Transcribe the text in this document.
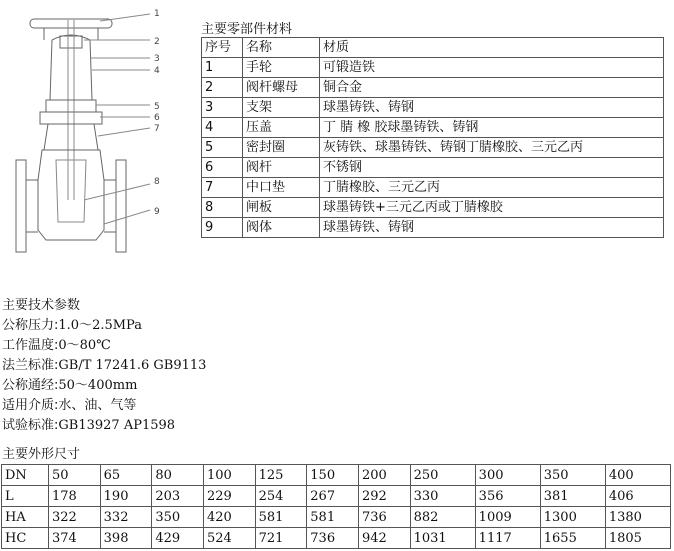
1
2
3
4
5
6
7
8
9
主要零部件材料
序号	名称	材质
1	手轮	可锻造铁
2	阀杆螺母	铜合金
3	支架	球墨铸铁、铸钢
4	压盖	丁 腈 橡 胶球墨铸铁、铸钢
5	密封圈	灰铸铁、球墨铸铁、铸钢丁腈橡胶、三元乙丙
6	阀杆	不锈钢
7	中口垫	丁腈橡胶、三元乙丙
8	闸板	球墨铸铁+三元乙丙或丁腈橡胶
9	阀体	球墨铸铁、铸钢
主要技术参数
公称压力:1.0～2.5MPa
工作温度:0～80℃
法兰标准:GB/T 17241.6 GB9113
公称通经:50～400mm
适用介质:水、油、气等
试验标准:GB13927 AP1598
主要外形尺寸
DN	50	65	80	100	125	150	200	250	300	350	400
L	178	190	203	229	254	267	292	330	356	381	406
HA	322	332	350	420	581	581	736	882	1009	1300	1380
HC	374	398	429	524	721	736	942	1031	1117	1655	1805
